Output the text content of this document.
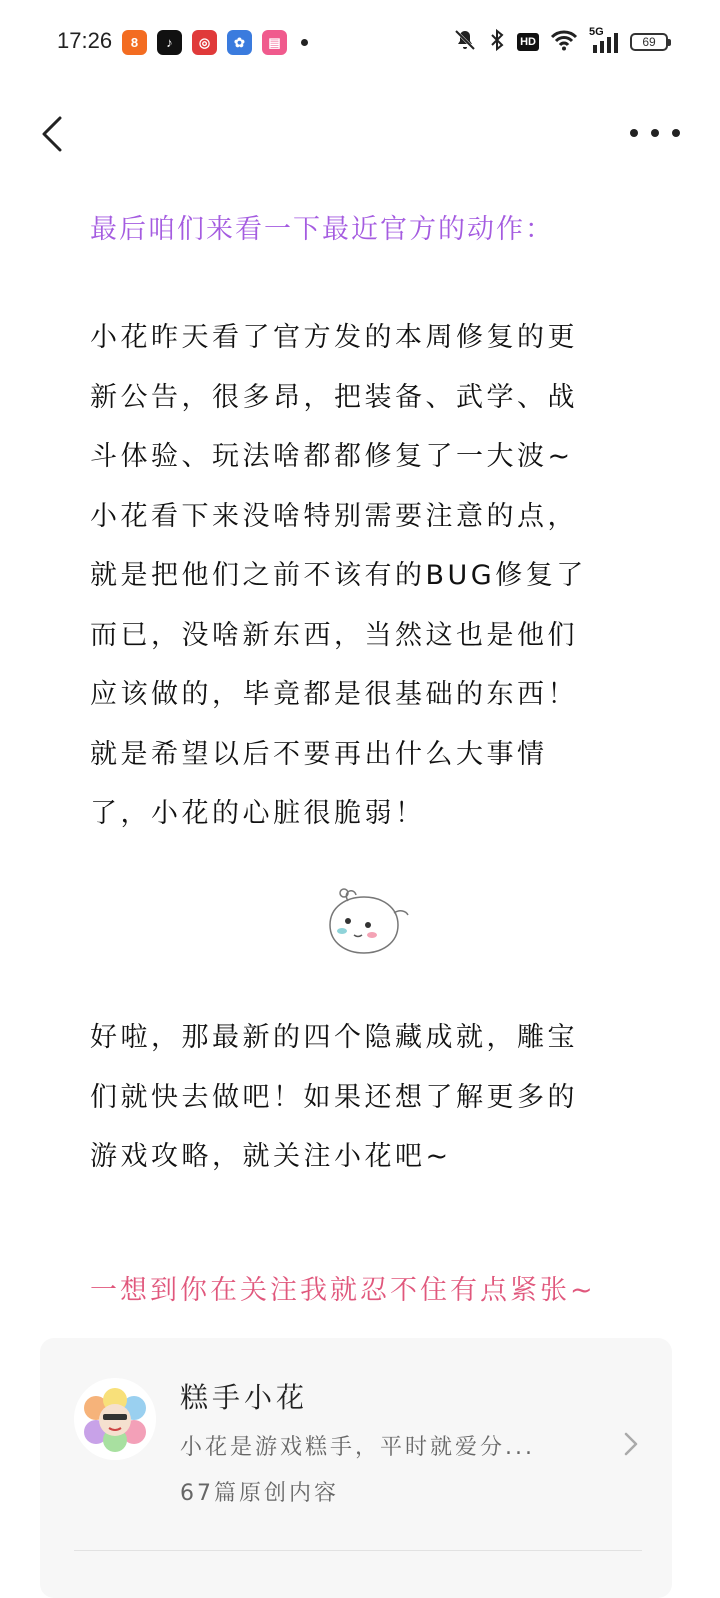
17:26	8	♪	◎	✿	▤	HD
5G
69

最后咱们来看一下最近官方的动作：

小花昨天看了官方发的本周修复的更

新公告，很多昂，把装备、武学、战

斗体验、玩法啥都都修复了一大波~

小花看下来没啥特别需要注意的点，

就是把他们之前不该有的BUG修复了

而已，没啥新东西，当然这也是他们

应该做的，毕竟都是很基础的东西！

就是希望以后不要再出什么大事情

了，小花的心脏很脆弱！

好啦，那最新的四个隐藏成就，雕宝

们就快去做吧！如果还想了解更多的

游戏攻略，就关注小花吧~

一想到你在关注我就忍不住有点紧张~

糕手小花
小花是游戏糕手，平时就爱分...
67篇原创内容
